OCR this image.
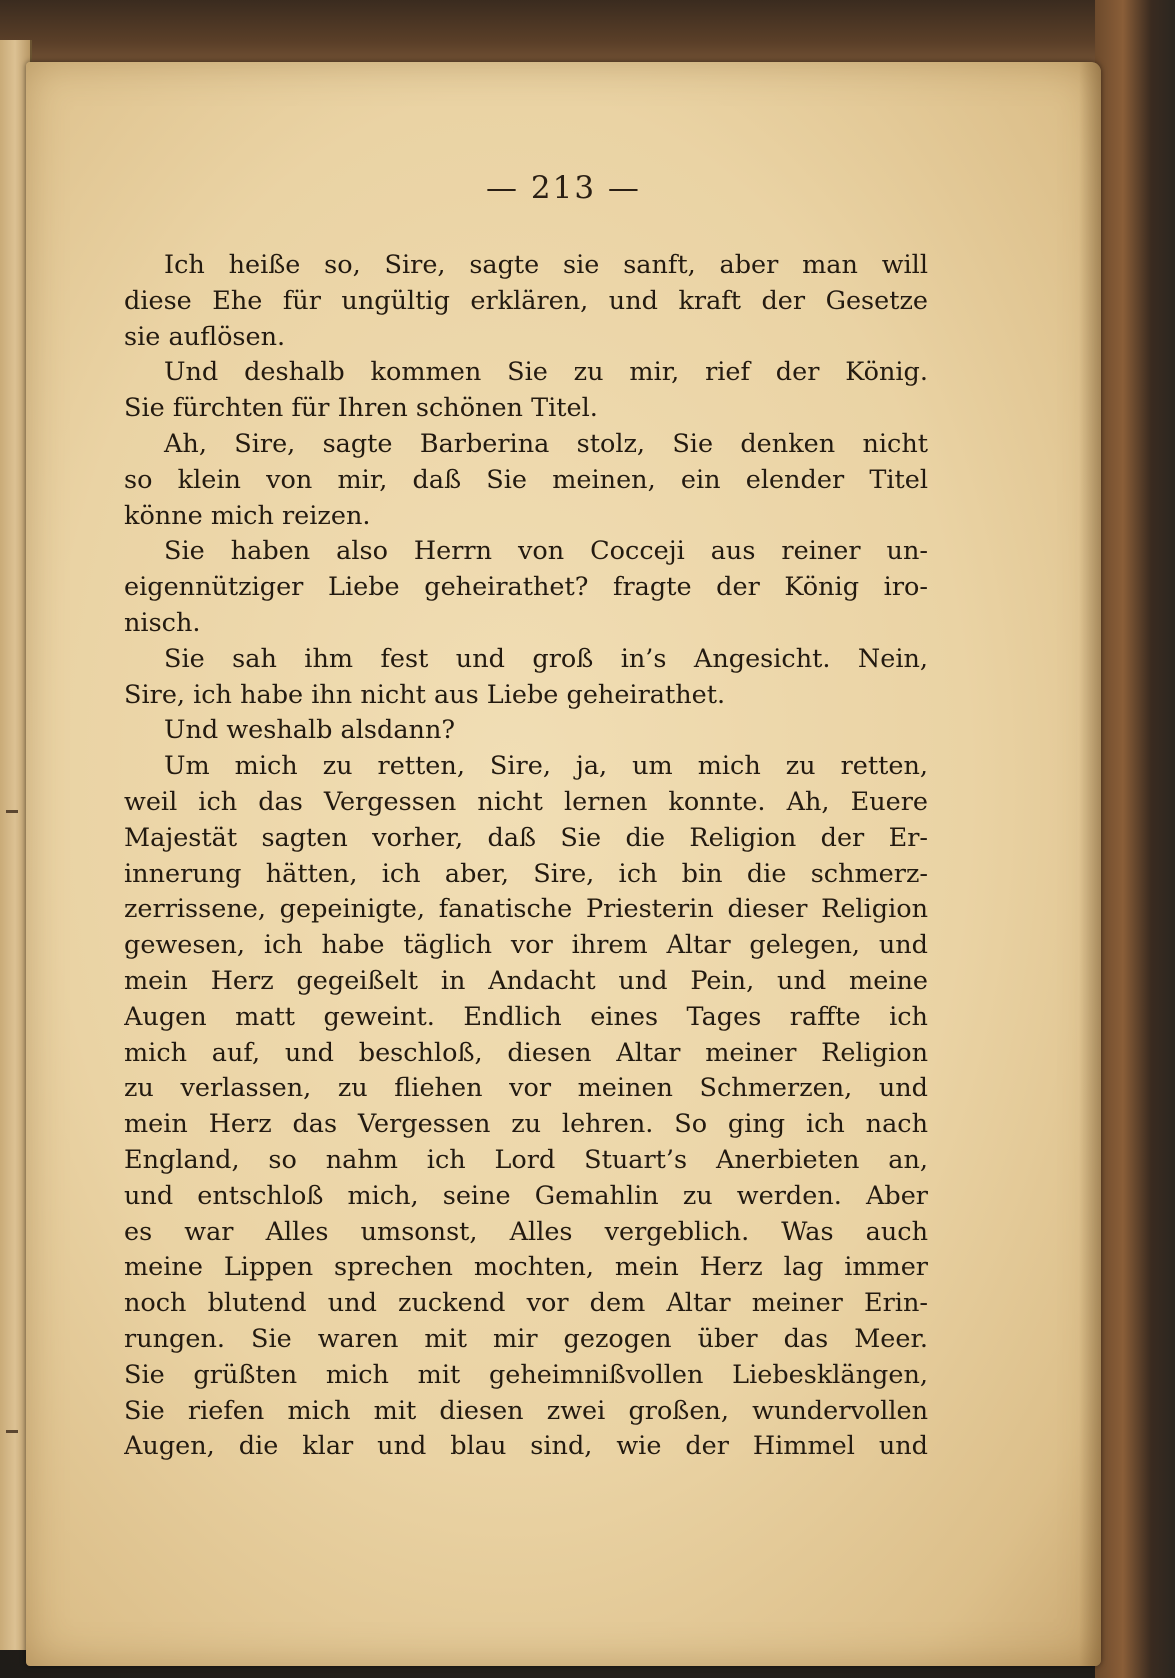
— 213 —
Ich heiße so, Sire, sagte sie sanft, aber man will
diese Ehe für ungültig erklären, und kraft der Gesetze
sie auflösen.
Und deshalb kommen Sie zu mir, rief der König.
Sie fürchten für Ihren schönen Titel.
Ah, Sire, sagte Barberina stolz, Sie denken nicht
so klein von mir, daß Sie meinen, ein elender Titel
könne mich reizen.
Sie haben also Herrn von Cocceji aus reiner un-
eigennütziger Liebe geheirathet? fragte der König iro-
nisch.
Sie sah ihm fest und groß in’s Angesicht. Nein,
Sire, ich habe ihn nicht aus Liebe geheirathet.
Und weshalb alsdann?
Um mich zu retten, Sire, ja, um mich zu retten,
weil ich das Vergessen nicht lernen konnte. Ah, Euere
Majestät sagten vorher, daß Sie die Religion der Er-
innerung hätten, ich aber, Sire, ich bin die schmerz-
zerrissene, gepeinigte, fanatische Priesterin dieser Religion
gewesen, ich habe täglich vor ihrem Altar gelegen, und
mein Herz gegeißelt in Andacht und Pein, und meine
Augen matt geweint. Endlich eines Tages raffte ich
mich auf, und beschloß, diesen Altar meiner Religion
zu verlassen, zu fliehen vor meinen Schmerzen, und
mein Herz das Vergessen zu lehren. So ging ich nach
England, so nahm ich Lord Stuart’s Anerbieten an,
und entschloß mich, seine Gemahlin zu werden. Aber
es war Alles umsonst, Alles vergeblich. Was auch
meine Lippen sprechen mochten, mein Herz lag immer
noch blutend und zuckend vor dem Altar meiner Erin-
rungen. Sie waren mit mir gezogen über das Meer.
Sie grüßten mich mit geheimnißvollen Liebesklängen,
Sie riefen mich mit diesen zwei großen, wundervollen
Augen, die klar und blau sind, wie der Himmel und
